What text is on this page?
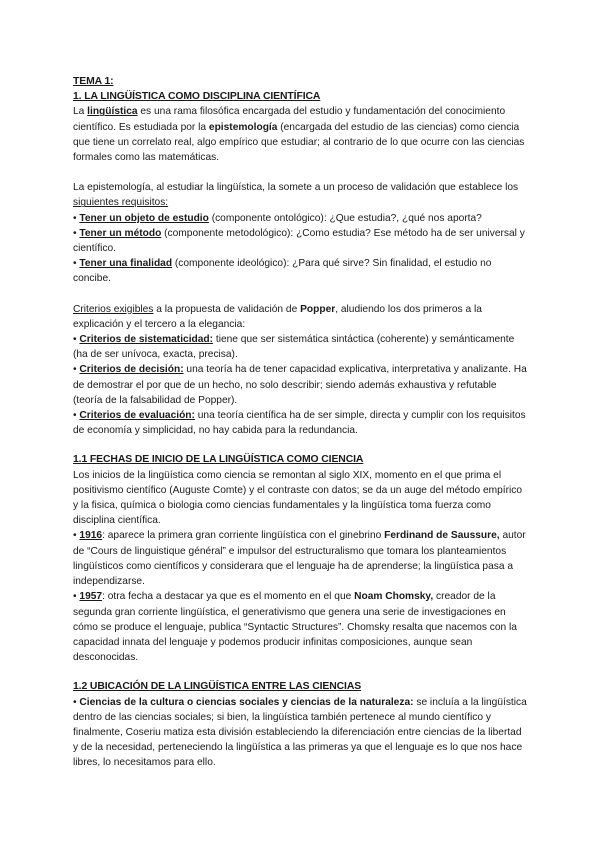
TEMA 1:

1. LA LINGÜÍSTICA COMO DISCIPLINA CIENTÍFICA

La lingüística es una rama filosófica encargada del estudio y fundamentación del conocimiento científico. Es estudiada por la epistemología (encargada del estudio de las ciencias) como ciencia que tiene un correlato real, algo empírico que estudiar; al contrario de lo que ocurre con las ciencias formales como las matemáticas.

La epistemología, al estudiar la lingüística, la somete a un proceso de validación que establece los siguientes requisitos:

• Tener un objeto de estudio (componente ontológico): ¿Que estudia?, ¿qué nos aporta?

• Tener un método (componente metodológico): ¿Como estudia? Ese método ha de ser universal y científico.

• Tener una finalidad (componente ideológico): ¿Para qué sirve? Sin finalidad, el estudio no concibe.

Criterios exigibles a la propuesta de validación de Popper, aludiendo los dos primeros a la explicación y el tercero a la elegancia:

• Criterios de sistematicidad: tiene que ser sistemática sintáctica (coherente) y semánticamente (ha de ser unívoca, exacta, precisa).

• Criterios de decisión: una teoría ha de tener capacidad explicativa, interpretativa y analizante. Ha de demostrar el por que de un hecho, no solo describir; siendo además exhaustiva y refutable (teoría de la falsabilidad de Popper).

• Criterios de evaluación: una teoría científica ha de ser simple, directa y cumplir con los requisitos de economía y simplicidad, no hay cabida para la redundancia.

1.1 FECHAS DE INICIO DE LA LINGÜÍSTICA COMO CIENCIA

Los inicios de la lingüística como ciencia se remontan al siglo XIX, momento en el que prima el positivismo científico (Auguste Comte) y el contraste con datos; se da un auge del método empírico y la fisica, química o biologia como ciencias fundamentales y la lingüística toma fuerza como disciplina científica.

• 1916: aparece la primera gran corriente lingüística con el ginebrino Ferdinand de Saussure, autor de “Cours de linguistique général” e impulsor del estructuralismo que tomara los planteamientos lingüísticos como científicos y considerara que el lenguaje ha de aprenderse; la lingüística pasa a independizarse.

• 1957: otra fecha a destacar ya que es el momento en el que Noam Chomsky, creador de la segunda gran corriente lingüística, el generativismo que genera una serie de investigaciones en cómo se produce el lenguaje, publica “Syntactic Structures”. Chomsky resalta que nacemos con la capacidad innata del lenguaje y podemos producir infinitas composiciones, aunque sean desconocidas.

1.2 UBICACIÓN DE LA LINGÜÍSTICA ENTRE LAS CIENCIAS

• Ciencias de la cultura o ciencias sociales y ciencias de la naturaleza: se incluía a la lingüística dentro de las ciencias sociales; si bien, la lingüística también pertenece al mundo científico y finalmente, Coseriu matiza esta división estableciendo la diferenciación entre ciencias de la libertad y de la necesidad, perteneciendo la lingüística a las primeras ya que el lenguaje es lo que nos hace libres, lo necesitamos para ello.
